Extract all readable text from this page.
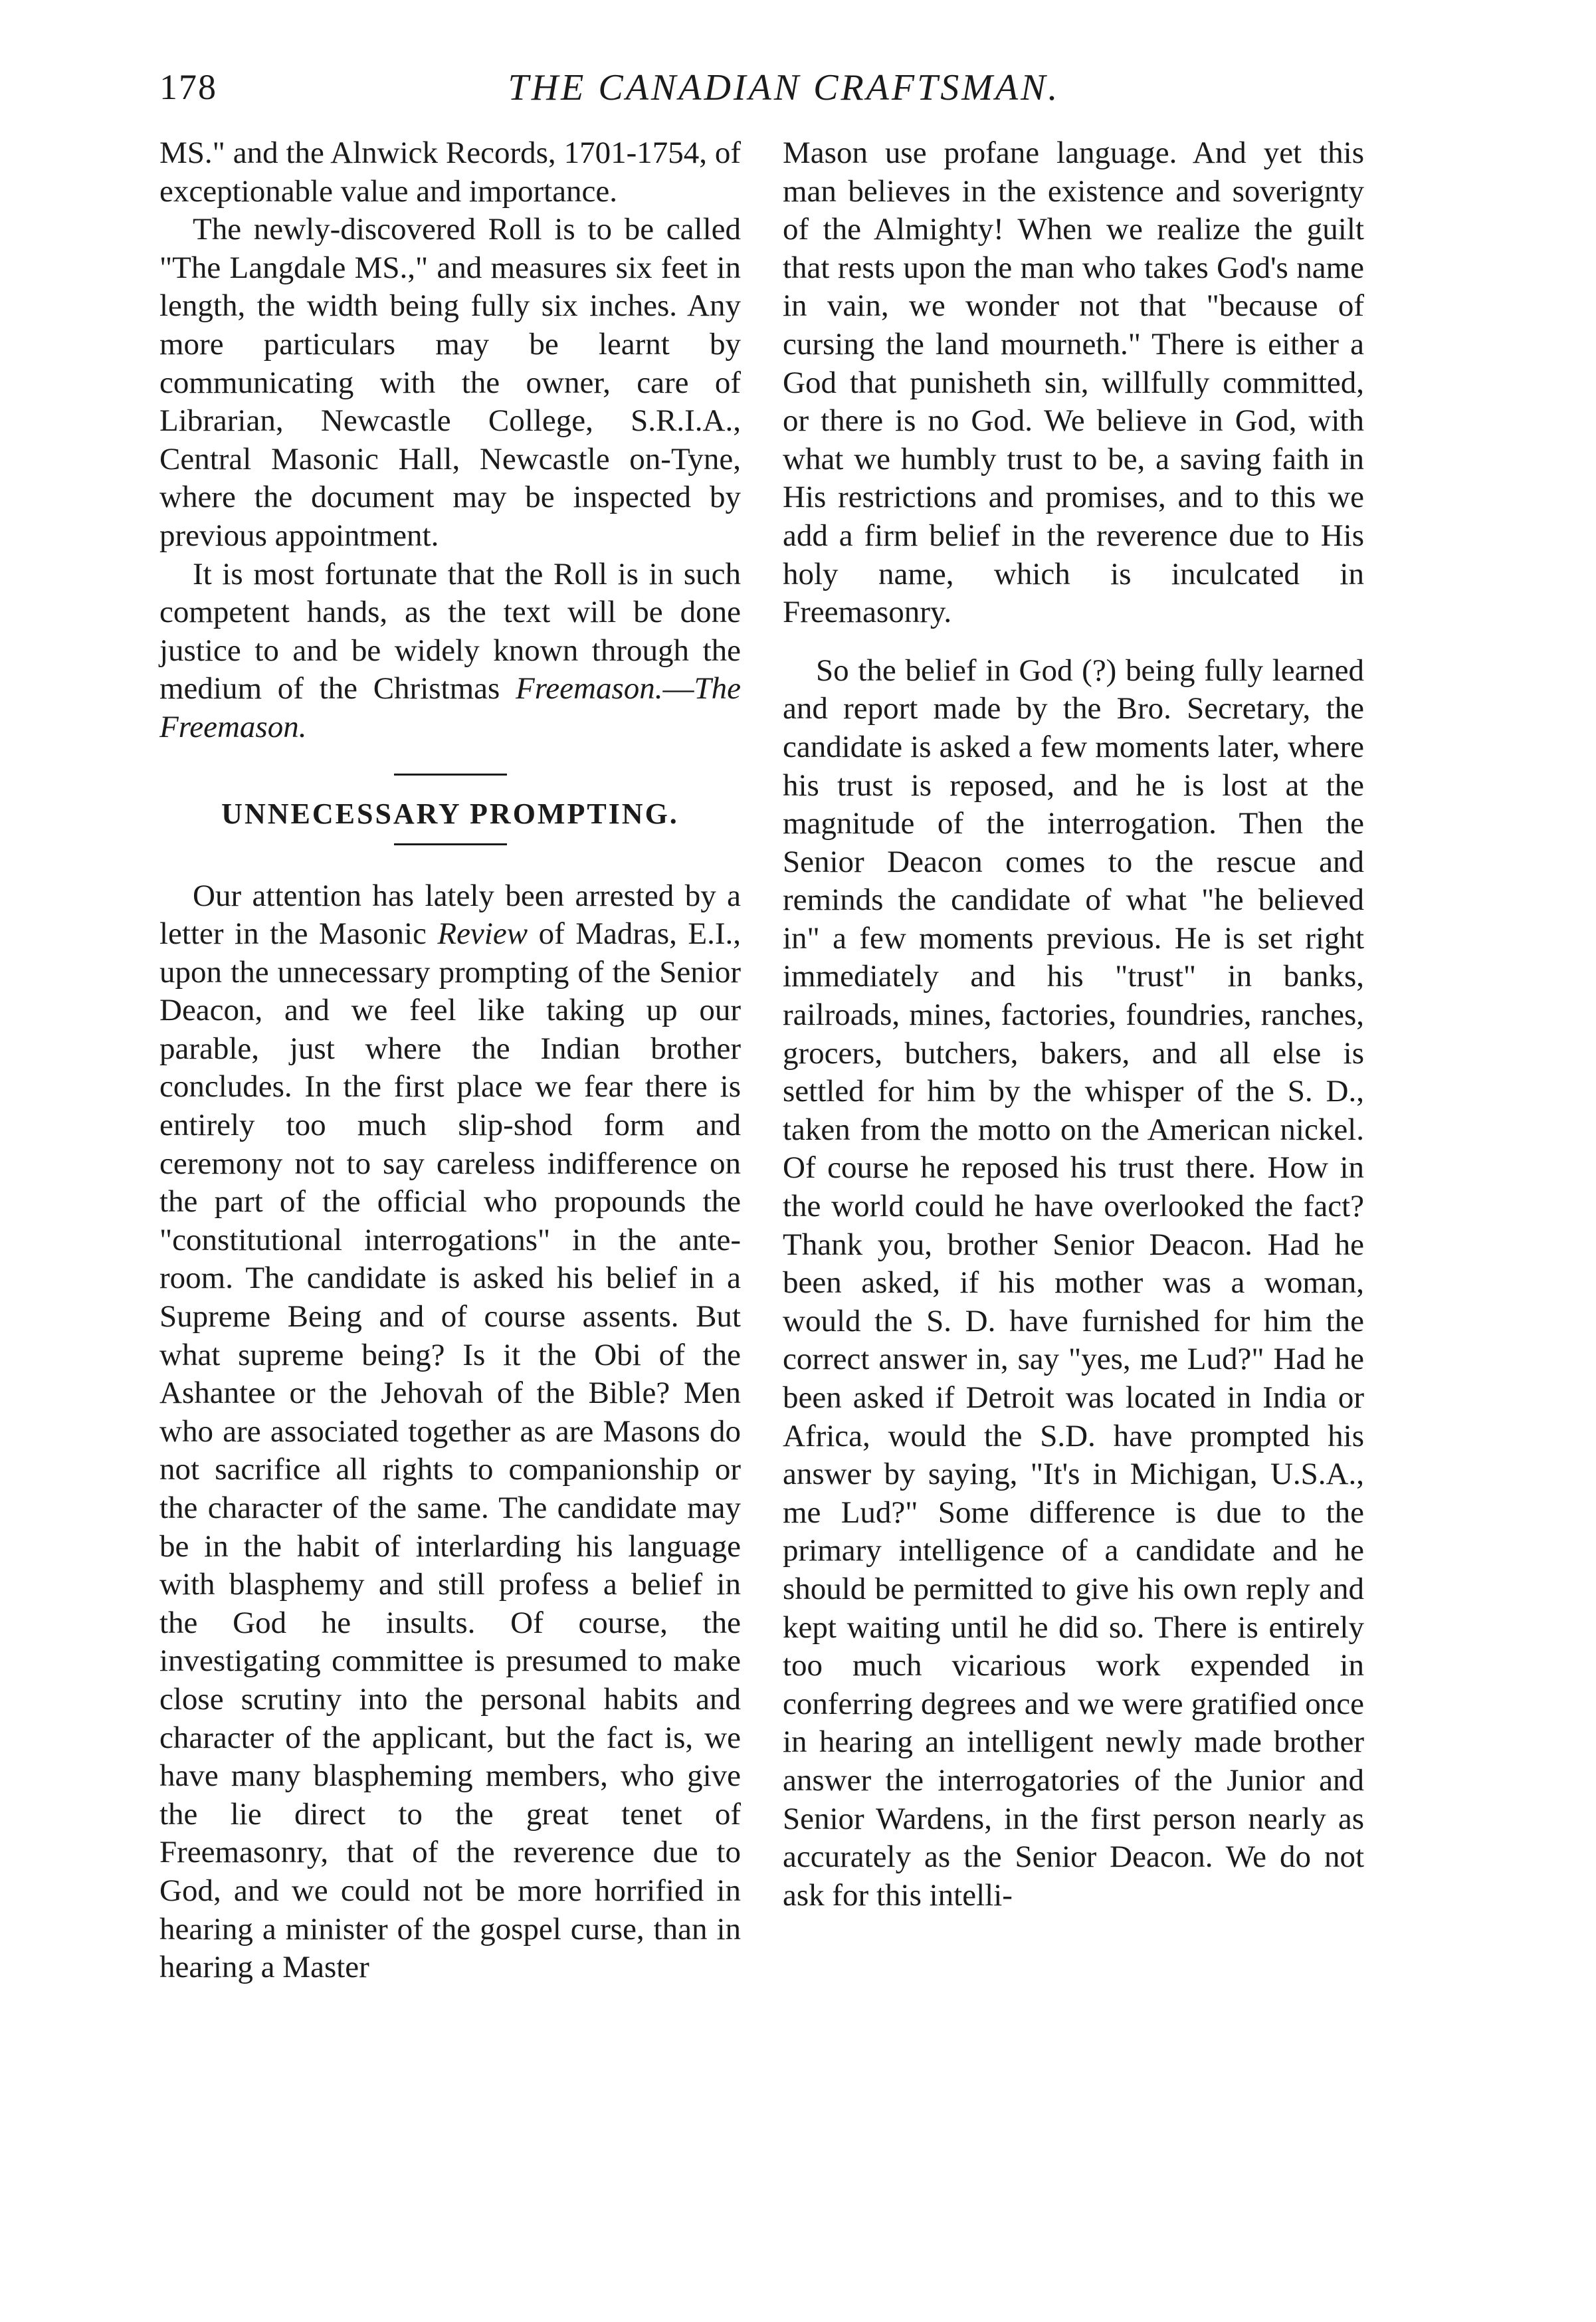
178	THE CANADIAN CRAFTSMAN.

MS." and the Alnwick Records, 1701-1754, of exceptionable value and importance.

The newly-discovered Roll is to be called "The Langdale MS.," and measures six feet in length, the width being fully six inches. Any more particulars may be learnt by communicating with the owner, care of Librarian, Newcastle College, S.R.I.A., Central Masonic Hall, Newcastle on-Tyne, where the document may be inspected by previous appointment.

It is most fortunate that the Roll is in such competent hands, as the text will be done justice to and be widely known through the medium of the Christmas Freemason.—The Freemason.

UNNECESSARY PROMPTING.

Our attention has lately been arrested by a letter in the Masonic Review of Madras, E.I., upon the unnecessary prompting of the Senior Deacon, and we feel like taking up our parable, just where the Indian brother concludes. In the first place we fear there is entirely too much slip-shod form and ceremony not to say careless indifference on the part of the official who propounds the "constitutional interrogations" in the ante-room. The candidate is asked his belief in a Supreme Being and of course assents. But what supreme being? Is it the Obi of the Ashantee or the Jehovah of the Bible? Men who are associated together as are Masons do not sacrifice all rights to companionship or the character of the same. The candidate may be in the habit of interlarding his language with blasphemy and still profess a belief in the God he insults. Of course, the investigating committee is presumed to make close scrutiny into the personal habits and character of the applicant, but the fact is, we have many blaspheming members, who give the lie direct to the great tenet of Freemasonry, that of the reverence due to God, and we could not be more horrified in hearing a minister of the gospel curse, than in hearing a Master

Mason use profane language. And yet this man believes in the existence and soverignty of the Almighty! When we realize the guilt that rests upon the man who takes God's name in vain, we wonder not that "because of cursing the land mourneth." There is either a God that punisheth sin, willfully committed, or there is no God. We believe in God, with what we humbly trust to be, a saving faith in His restrictions and promises, and to this we add a firm belief in the reverence due to His holy name, which is inculcated in Freemasonry.

So the belief in God (?) being fully learned and report made by the Bro. Secretary, the candidate is asked a few moments later, where his trust is reposed, and he is lost at the magnitude of the interrogation. Then the Senior Deacon comes to the rescue and reminds the candidate of what "he believed in" a few moments previous. He is set right immediately and his "trust" in banks, railroads, mines, factories, foundries, ranches, grocers, butchers, bakers, and all else is settled for him by the whisper of the S. D., taken from the motto on the American nickel. Of course he reposed his trust there. How in the world could he have overlooked the fact? Thank you, brother Senior Deacon. Had he been asked, if his mother was a woman, would the S. D. have furnished for him the correct answer in, say "yes, me Lud?" Had he been asked if Detroit was located in India or Africa, would the S.D. have prompted his answer by saying, "It's in Michigan, U.S.A., me Lud?" Some difference is due to the primary intelligence of a candidate and he should be permitted to give his own reply and kept waiting until he did so. There is entirely too much vicarious work expended in conferring degrees and we were gratified once in hearing an intelligent newly made brother answer the interrogatories of the Junior and Senior Wardens, in the first person nearly as accurately as the Senior Deacon. We do not ask for this intelli-
